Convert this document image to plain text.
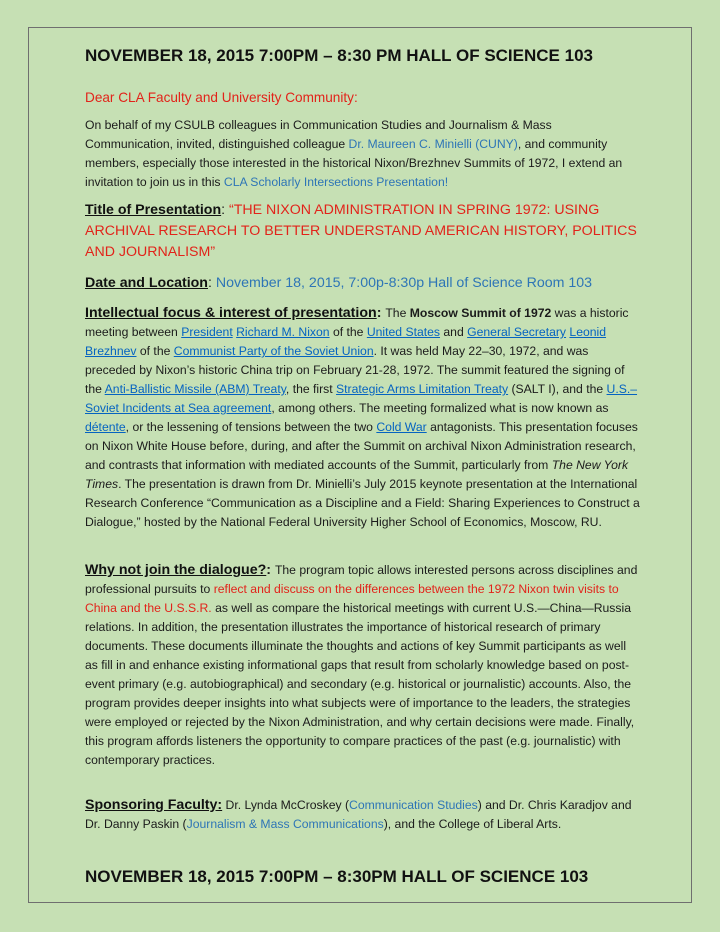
NOVEMBER 18, 2015 7:00PM – 8:30 PM HALL OF SCIENCE 103
Dear CLA Faculty and University Community:
On behalf of my CSULB colleagues in Communication Studies and Journalism & Mass Communication, invited, distinguished colleague Dr. Maureen C. Minielli (CUNY), and community members, especially those interested in the historical Nixon/Brezhnev Summits of 1972, I extend an invitation to join us in this CLA Scholarly Intersections Presentation!
Title of Presentation: “THE NIXON ADMINISTRATION IN SPRING 1972: USING ARCHIVAL RESEARCH TO BETTER UNDERSTAND AMERICAN HISTORY, POLITICS AND JOURNALISM”
Date and Location: November 18, 2015, 7:00p-8:30p Hall of Science Room 103
Intellectual focus & interest of presentation: The Moscow Summit of 1972 was a historic meeting between President Richard M. Nixon of the United States and General Secretary Leonid Brezhnev of the Communist Party of the Soviet Union. It was held May 22–30, 1972, and was preceded by Nixon’s historic China trip on February 21-28, 1972. The summit featured the signing of the Anti-Ballistic Missile (ABM) Treaty, the first Strategic Arms Limitation Treaty (SALT I), and the U.S.–Soviet Incidents at Sea agreement, among others. The meeting formalized what is now known as détente, or the lessening of tensions between the two Cold War antagonists. This presentation focuses on Nixon White House before, during, and after the Summit on archival Nixon Administration research, and contrasts that information with mediated accounts of the Summit, particularly from The New York Times. The presentation is drawn from Dr. Minielli’s July 2015 keynote presentation at the International Research Conference “Communication as a Discipline and a Field: Sharing Experiences to Construct a Dialogue,” hosted by the National Federal University Higher School of Economics, Moscow, RU.
Why not join the dialogue?: The program topic allows interested persons across disciplines and professional pursuits to reflect and discuss on the differences between the 1972 Nixon twin visits to China and the U.S.S.R. as well as compare the historical meetings with current U.S.—China—Russia relations. In addition, the presentation illustrates the importance of historical research of primary documents. These documents illuminate the thoughts and actions of key Summit participants as well as fill in and enhance existing informational gaps that result from scholarly knowledge based on post-event primary (e.g. autobiographical) and secondary (e.g. historical or journalistic) accounts. Also, the program provides deeper insights into what subjects were of importance to the leaders, the strategies were employed or rejected by the Nixon Administration, and why certain decisions were made. Finally, this program affords listeners the opportunity to compare practices of the past (e.g. journalistic) with contemporary practices.
Sponsoring Faculty: Dr. Lynda McCroskey (Communication Studies) and Dr. Chris Karadjov and Dr. Danny Paskin (Journalism & Mass Communications), and the College of Liberal Arts.
NOVEMBER 18, 2015 7:00PM – 8:30PM HALL OF SCIENCE 103
